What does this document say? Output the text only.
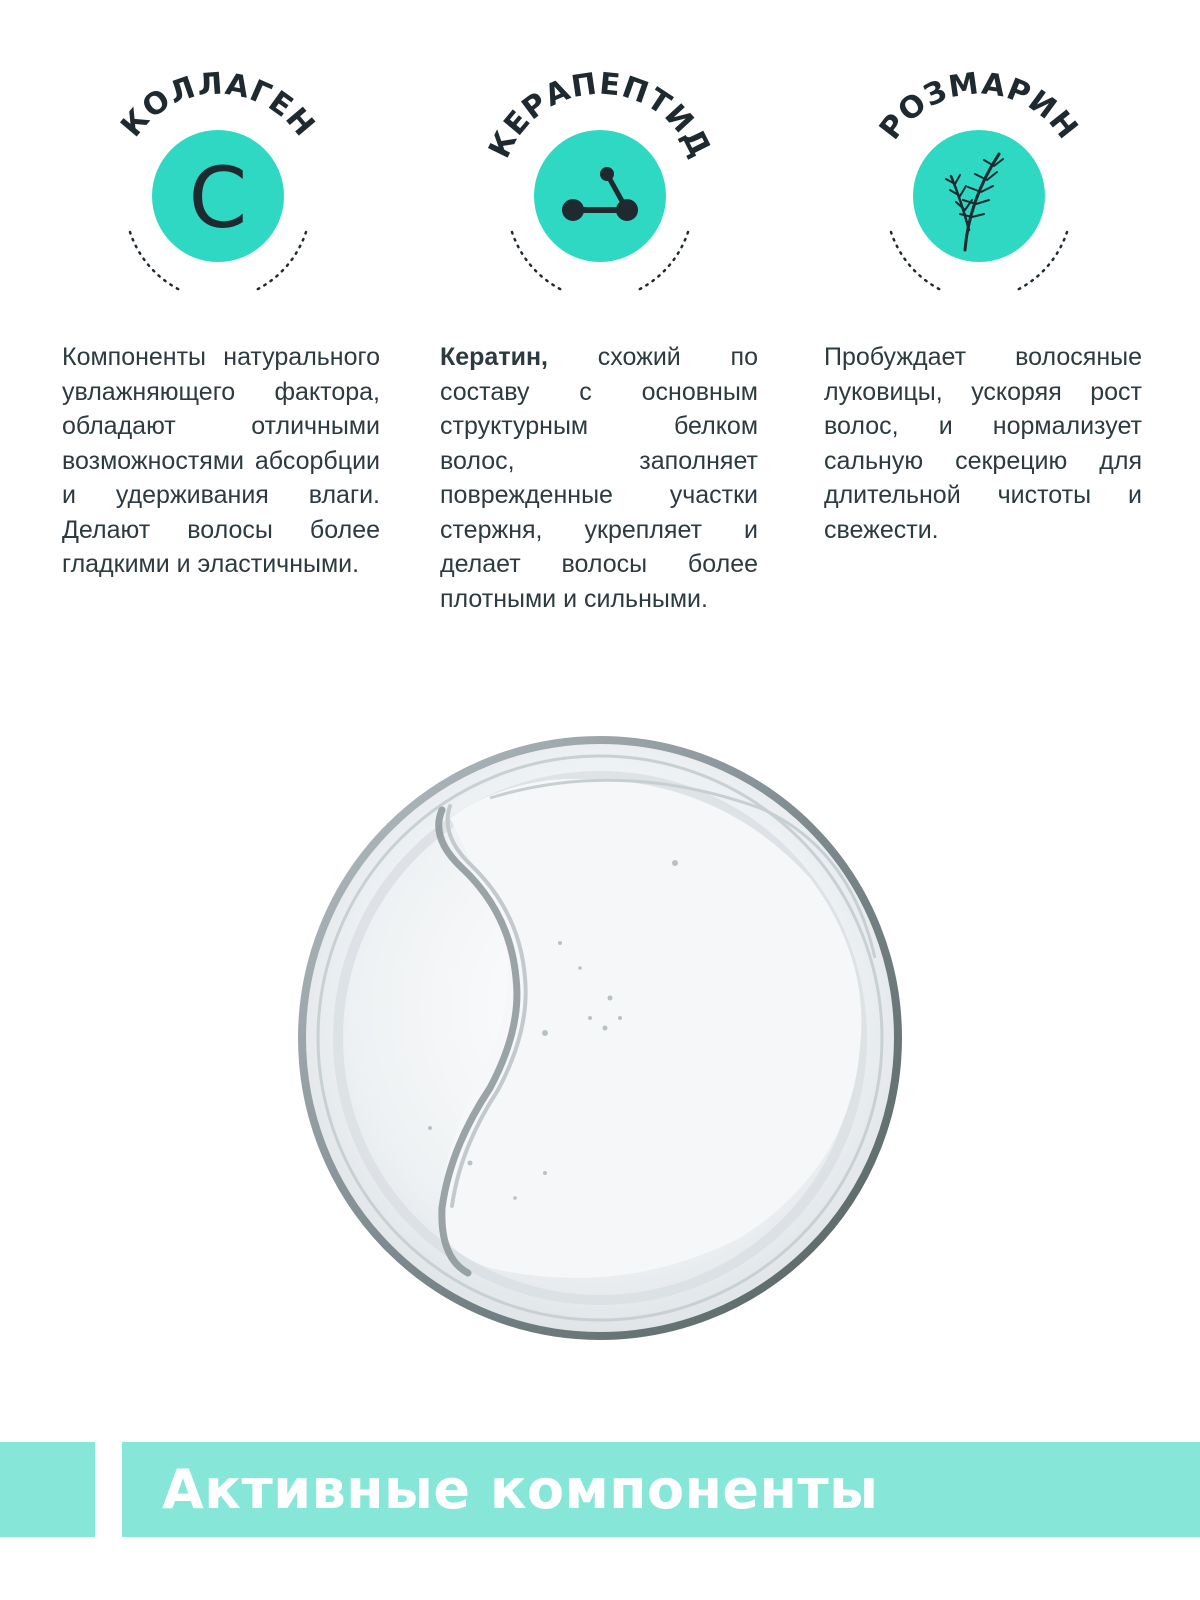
КОЛЛАГЕН
C
КЕРАПЕПТИД	РОЗМАРИН

Компоненты натурального увлажняющего фактора, обладают отличными возможностями абсорбции и удерживания влаги. Делают волосы более гладкими и эластичными.

Кератин, схожий по составу с основным структурным белком волос, заполняет поврежденные участки стержня, укрепляет и делает волосы более плотными и сильными.

Пробуждает волосяные луковицы, ускоряя рост волос, и нормализует сальную секрецию для длительной чистоты и свежести.

Активные компоненты
